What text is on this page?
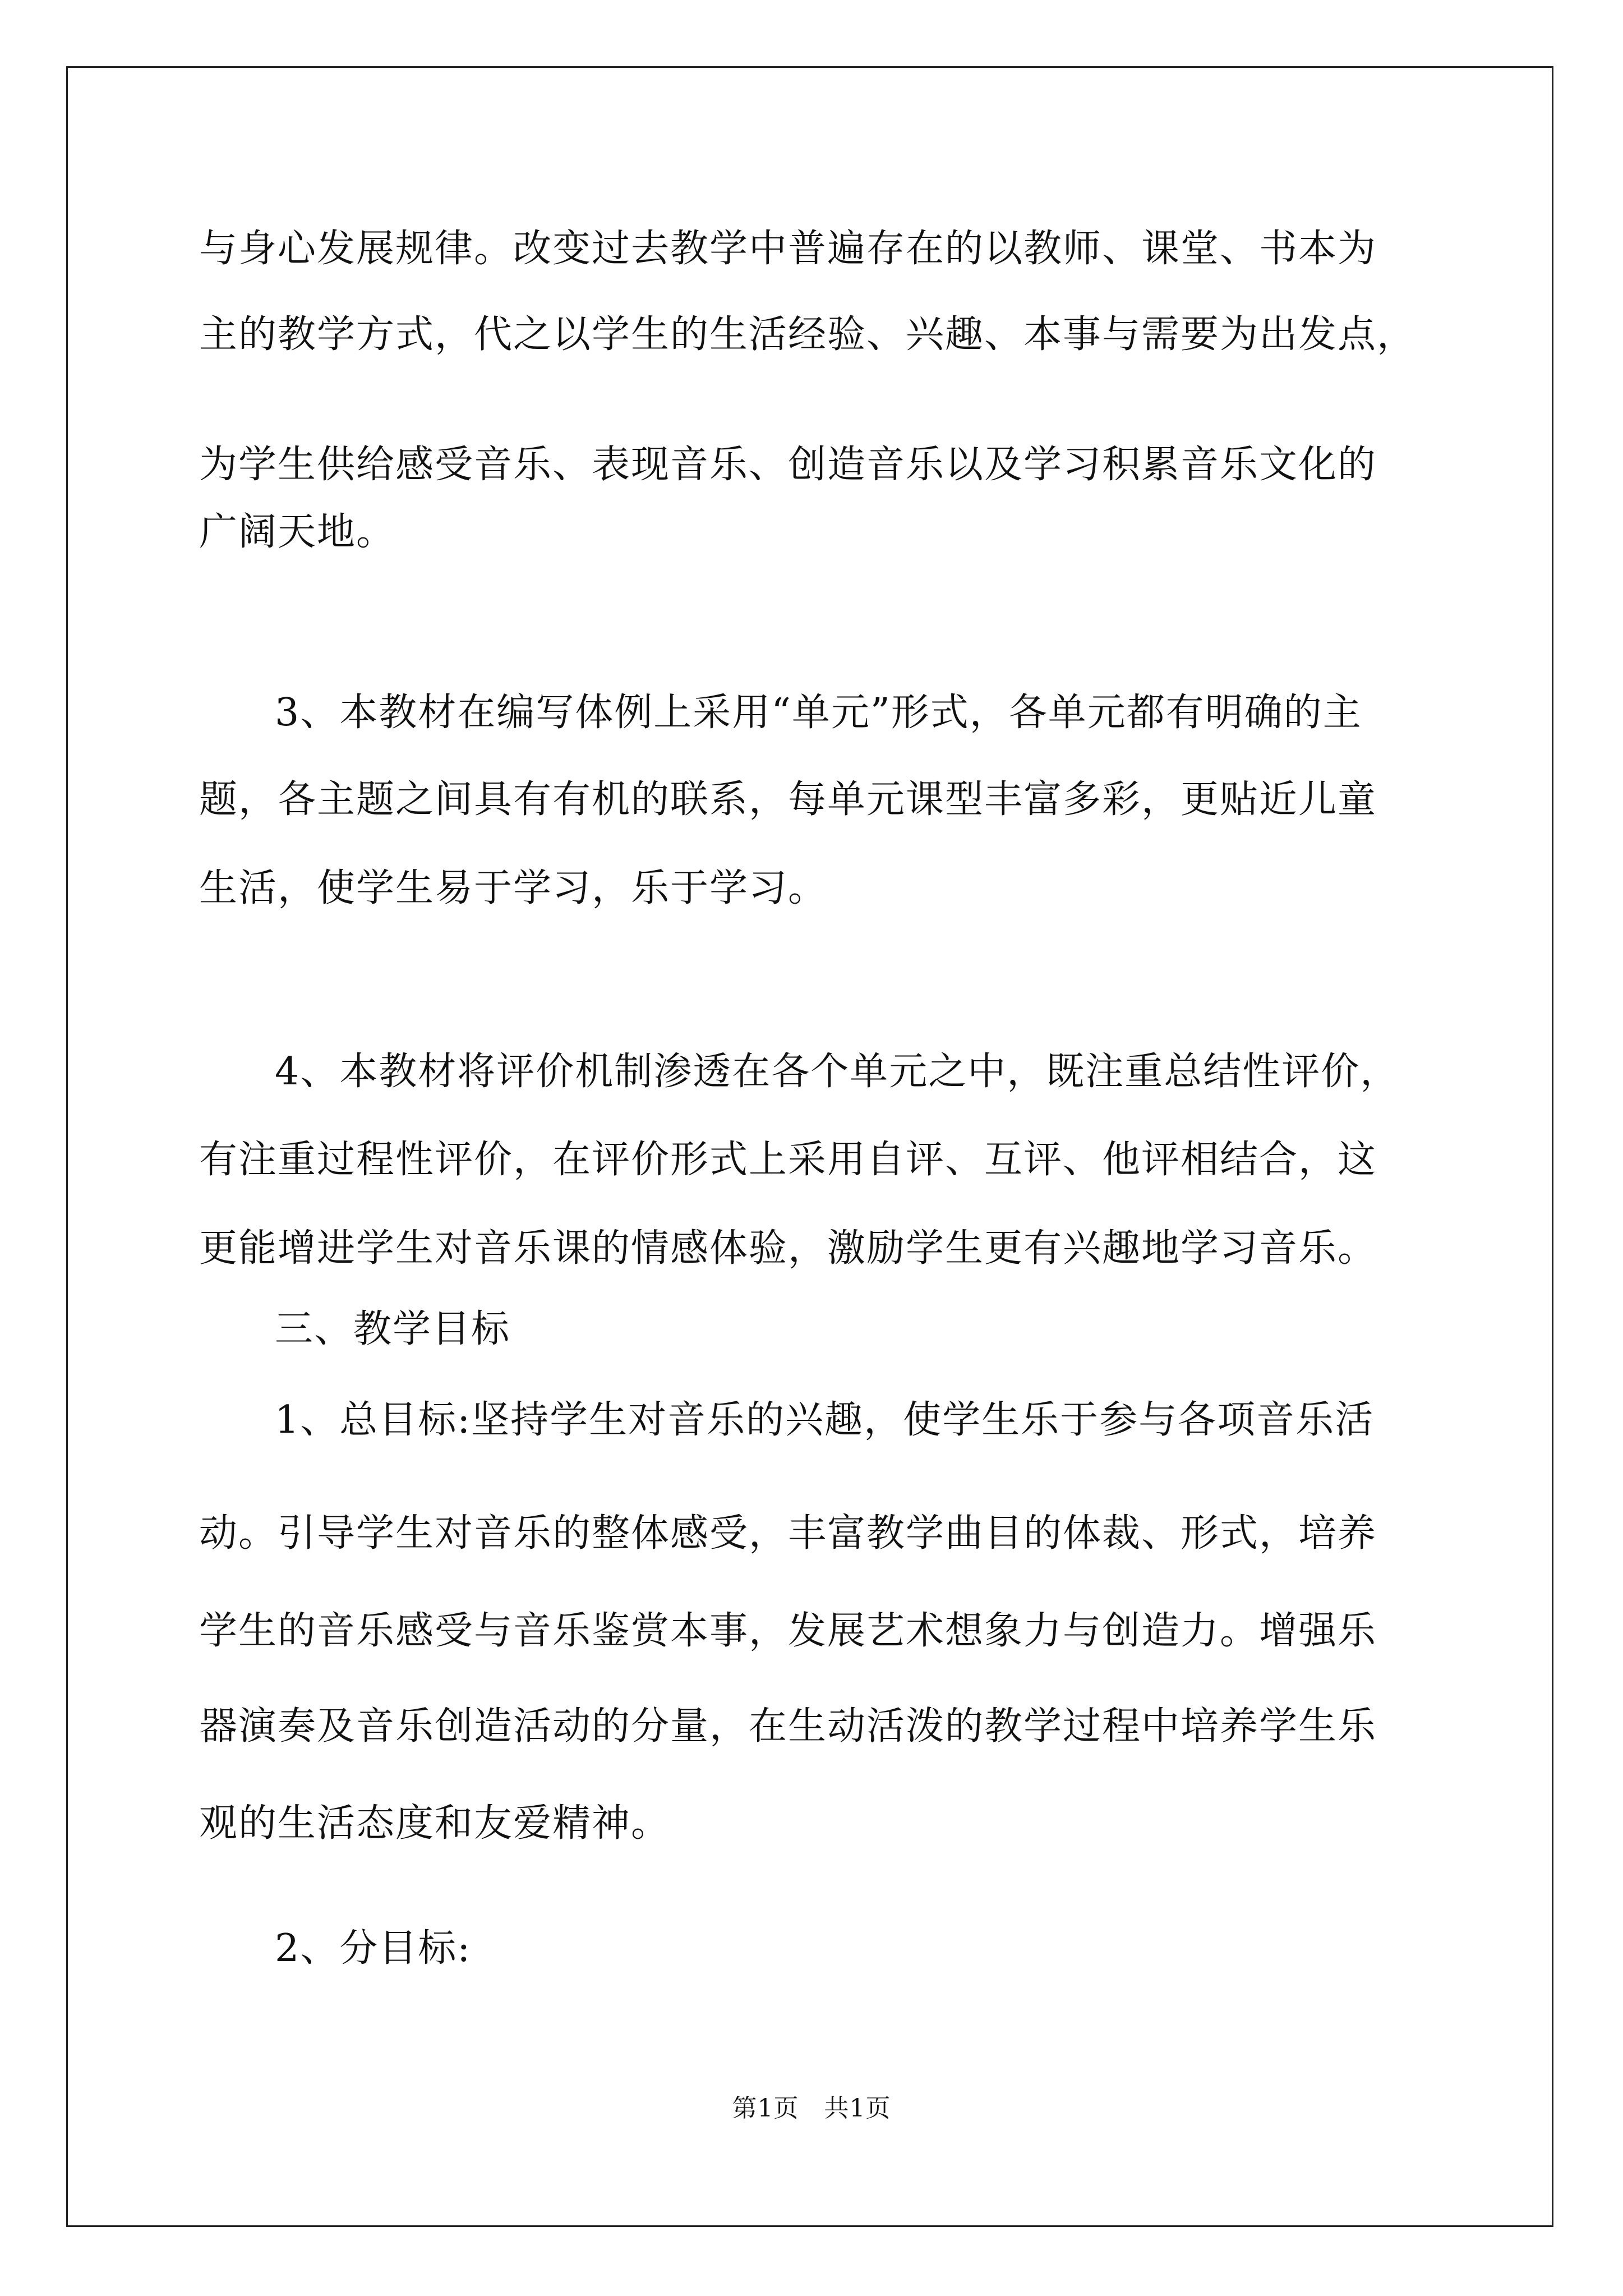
与身心发展规律。改变过去教学中普遍存在的以教师、课堂、书本为
主的教学方式，代之以学生的生活经验、兴趣、本事与需要为出发点，
为学生供给感受音乐、表现音乐、创造音乐以及学习积累音乐文化的
广阔天地。
3、本教材在编写体例上采用“单元”形式，各单元都有明确的主
题，各主题之间具有有机的联系，每单元课型丰富多彩，更贴近儿童
生活，使学生易于学习，乐于学习。
4、本教材将评价机制渗透在各个单元之中，既注重总结性评价，
有注重过程性评价，在评价形式上采用自评、互评、他评相结合，这
更能增进学生对音乐课的情感体验，激励学生更有兴趣地学习音乐。
三、教学目标
1、总目标:坚持学生对音乐的兴趣，使学生乐于参与各项音乐活
动。引导学生对音乐的整体感受，丰富教学曲目的体裁、形式，培养
学生的音乐感受与音乐鉴赏本事，发展艺术想象力与创造力。增强乐
器演奏及音乐创造活动的分量，在生动活泼的教学过程中培养学生乐
观的生活态度和友爱精神。
2、分目标:
第1页　共1页
